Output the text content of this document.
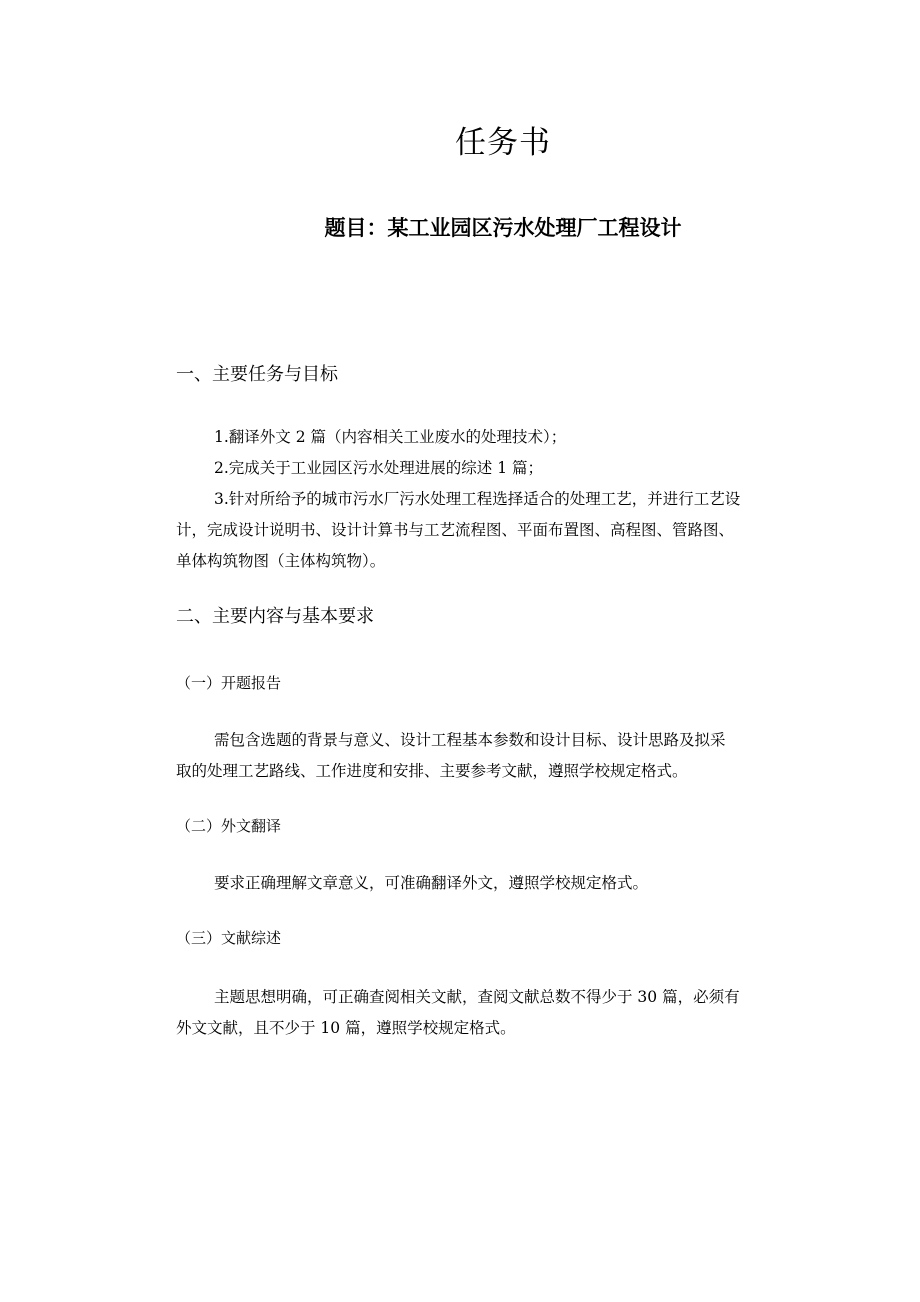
任务书
题目：某工业园区污水处理厂工程设计
一、主要任务与目标
1.翻译外文 2 篇（内容相关工业废水的处理技术）；
2.完成关于工业园区污水处理进展的综述 1 篇；
3.针对所给予的城市污水厂污水处理工程选择适合的处理工艺，并进行工艺设
计，完成设计说明书、设计计算书与工艺流程图、平面布置图、高程图、管路图、
单体构筑物图（主体构筑物）。
二、主要内容与基本要求
（一）开题报告
需包含选题的背景与意义、设计工程基本参数和设计目标、设计思路及拟采
取的处理工艺路线、工作进度和安排、主要参考文献，遵照学校规定格式。
（二）外文翻译
要求正确理解文章意义，可准确翻译外文，遵照学校规定格式。
（三）文献综述
主题思想明确，可正确查阅相关文献，查阅文献总数不得少于 30 篇，必须有
外文文献，且不少于 10 篇，遵照学校规定格式。
